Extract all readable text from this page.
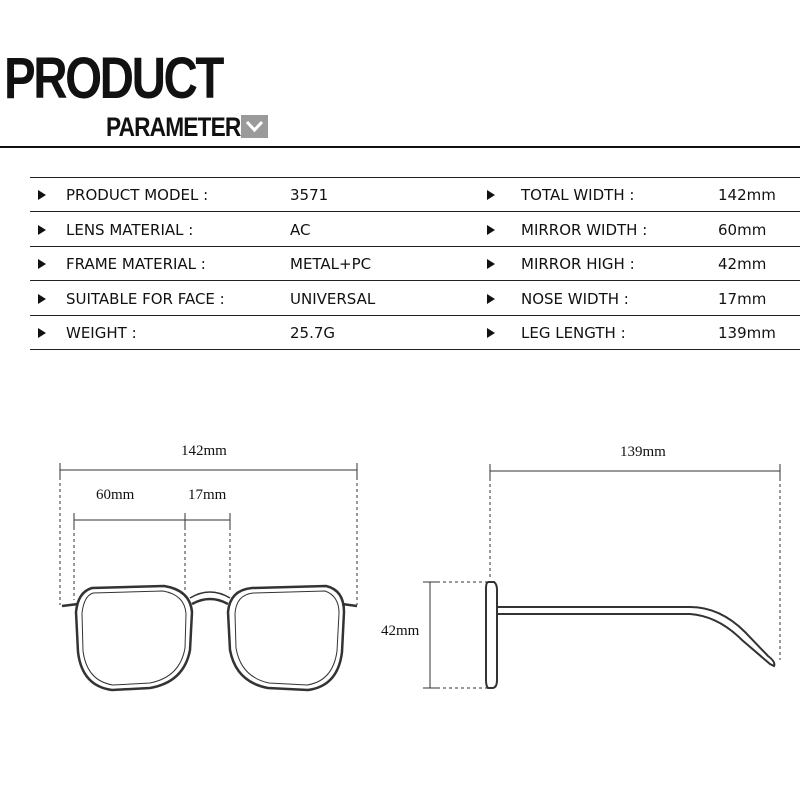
PRODUCT
PARAMETER
PRODUCT MODEL :	3571	TOTAL WIDTH :	142mm
LENS MATERIAL :	AC	MIRROR WIDTH :	60mm
FRAME MATERIAL :	METAL+PC	MIRROR HIGH :	42mm
SUITABLE FOR FACE :	UNIVERSAL	NOSE WIDTH :	17mm
WEIGHT :	25.7G	LEG LENGTH :	139mm
142mm
60mm	17mm
139mm
42mm
